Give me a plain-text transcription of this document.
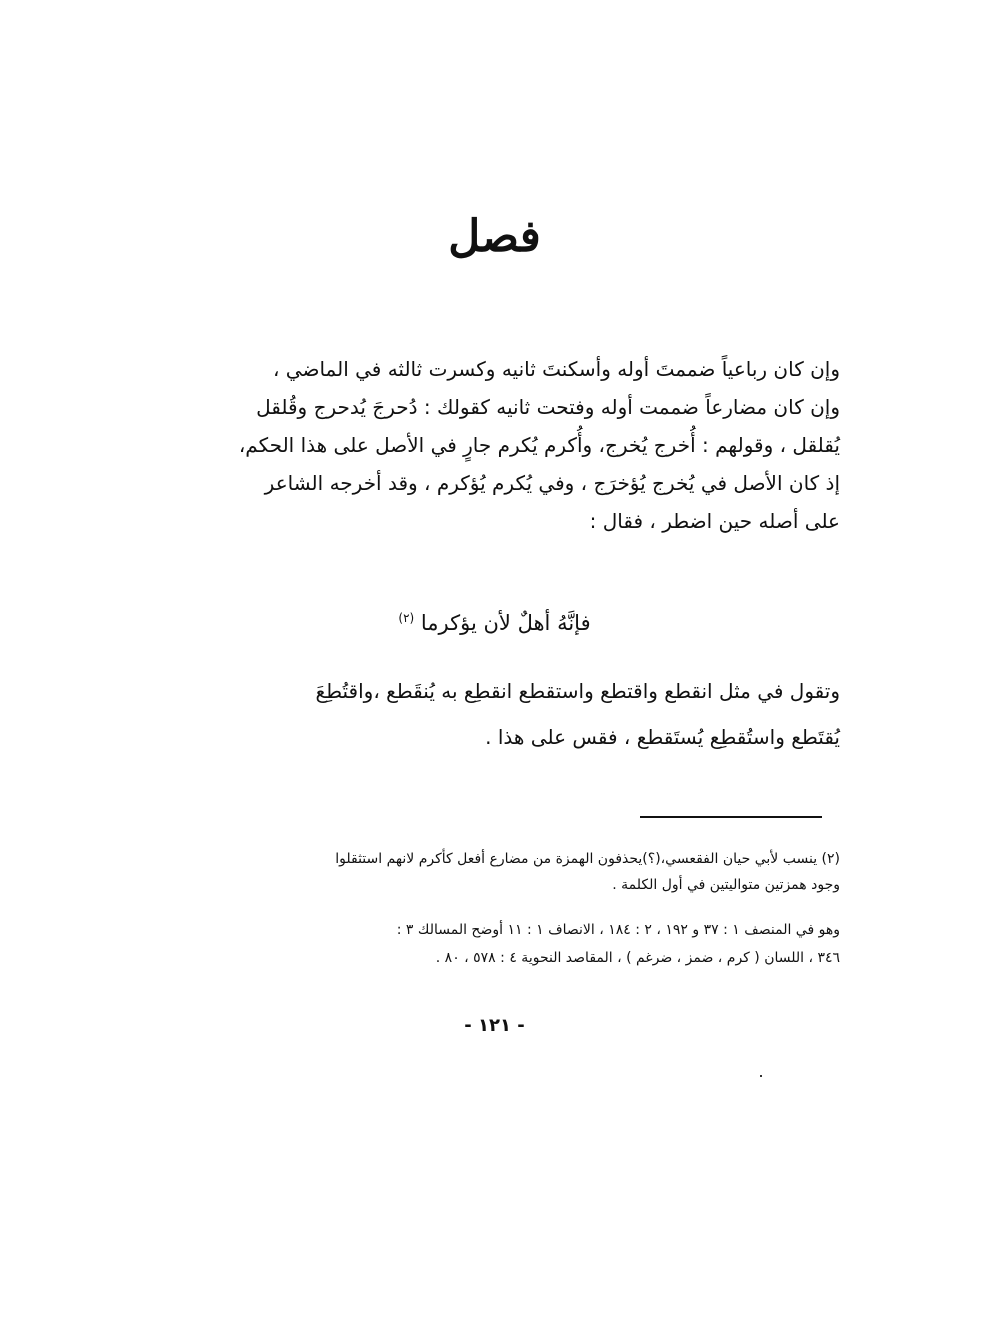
فصل
وإن كان رباعياً ضممتَ أوله وأسكنتَ ثانيه وكسرت ثالثه في الماضي ،
وإن كان مضارعاً ضممت أوله وفتحت ثانيه كقولك : دُحرجَ يُدحرج وقُلقل
يُقلقل ، وقولهم : أُخرج يُخرج، وأُكرم يُكرم جارٍ في الأصل على هذا الحكم،
إذ كان الأصل في يُخرج يُؤخرَج ، وفي يُكرم يُؤكرم ، وقد أخرجه الشاعر
على أصله حين اضطر ، فقال :
فإنَّهُ أهلٌ لأن يؤكرما $^{(٢)}$
وتقول في مثل انقطع واقتطع واستقطع انقطِع به يُنقَطع ،واقتُطِعَ
يُقتَطع واستُقطِع يُستَقطع ، فقس على هذا .
(٢) ينسب لأبي حيان الفقعسي،(؟)يحذفون الهمزة من مضارع أفعل كأكرم لانهم استثقلوا
وجود همزتين متواليتين في أول الكلمة .
وهو في المنصف ١ : ٣٧ و ١٩٢ ، ٢ : ١٨٤ ، الانصاف ١ : ١١ أوضح المسالك ٣ :
٣٤٦ ، اللسان ( كرم ، ضمز ، ضرغم ) ، المقاصد النحوية ٤ : ٥٧٨ ، ٨٠ .
- ١٢١ -
